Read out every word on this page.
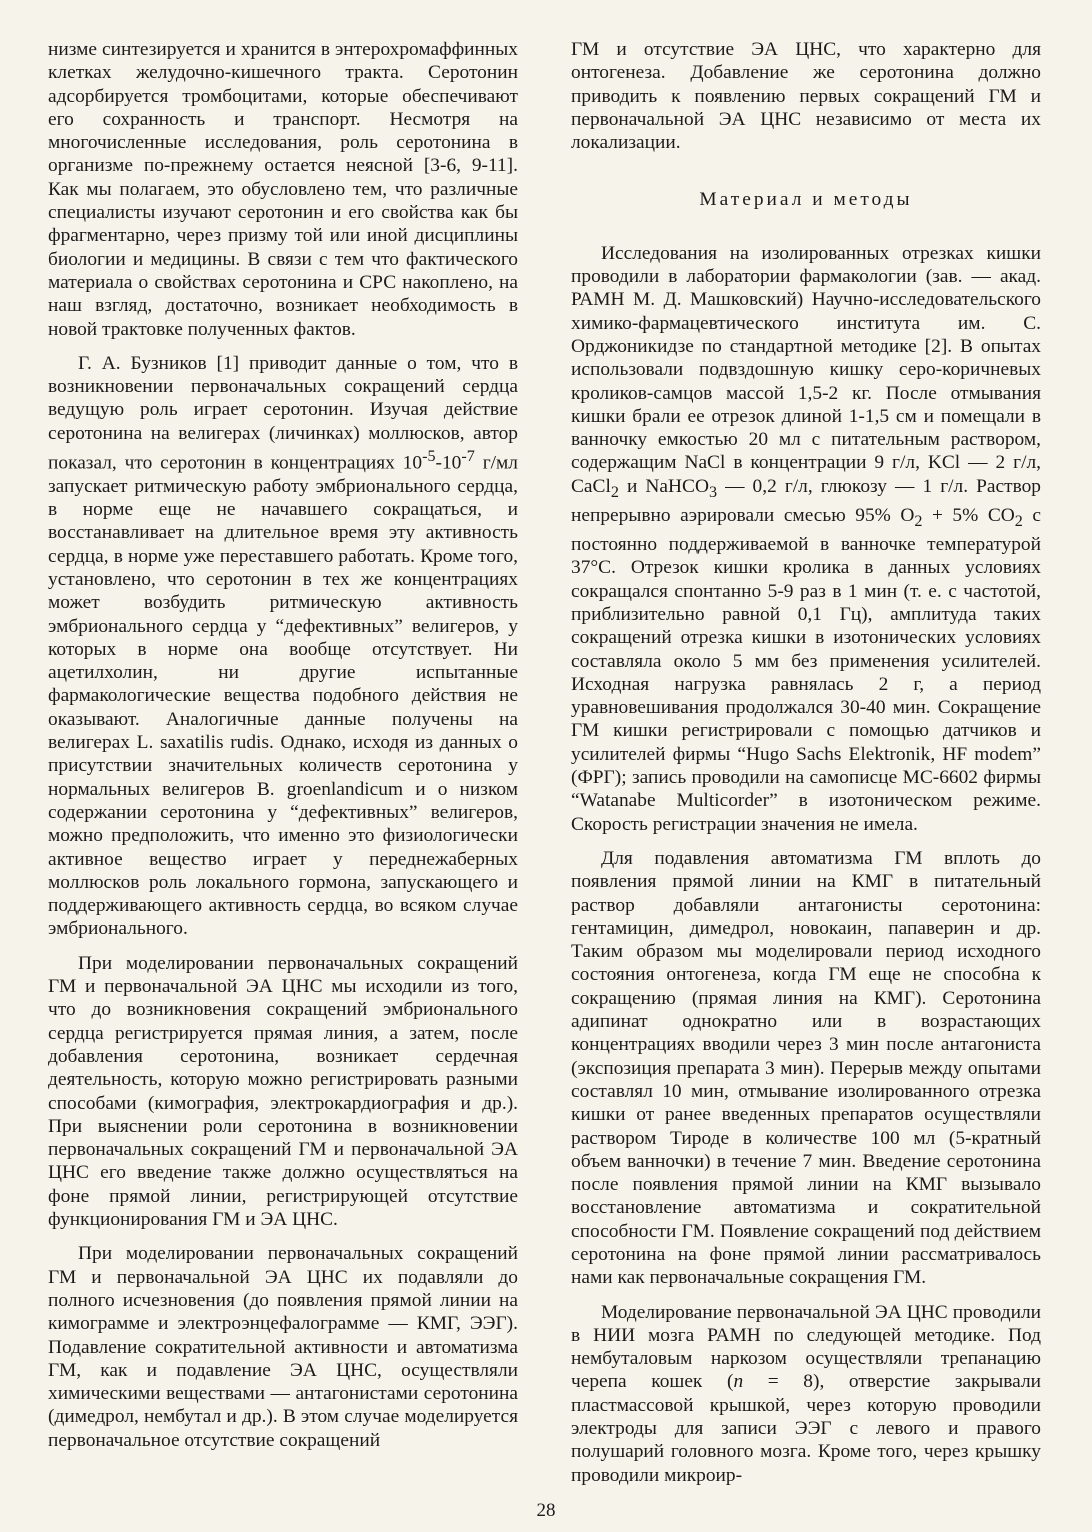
низме синтезируется и хранится в энтерохромаффинных клетках желудочно-кишечного тракта. Серотонин адсорбируется тромбоцитами, которые обеспечивают его сохранность и транспорт. Несмотря на многочисленные исследования, роль серотонина в организме по-прежнему остается неясной [3-6, 9-11]. Как мы полагаем, это обусловлено тем, что различные специалисты изучают серотонин и его свойства как бы фрагментарно, через призму той или иной дисциплины биологии и медицины. В связи с тем что фактического материала о свойствах серотонина и СРС накоплено, на наш взгляд, достаточно, возникает необходимость в новой трактовке полученных фактов.

Г. А. Бузников [1] приводит данные о том, что в возникновении первоначальных сокращений сердца ведущую роль играет серотонин. Изучая действие серотонина на велигерах (личинках) моллюсков, автор показал, что серотонин в концентрациях $10^{-5}-10^{-7}$ г/мл запускает ритмическую работу эмбрионального сердца, в норме еще не начавшего сокращаться, и восстанавливает на длительное время эту активность сердца, в норме уже переставшего работать. Кроме того, установлено, что серотонин в тех же концентрациях может возбудить ритмическую активность эмбрионального сердца у “дефективных” велигеров, у которых в норме она вообще отсутствует. Ни ацетилхолин, ни другие испытанные фармакологические вещества подобного действия не оказывают. Аналогичные данные получены на велигерах L. saxatilis rudis. Однако, исходя из данных о присутствии значительных количеств серотонина у нормальных велигеров B. groenlandicum и о низком содержании серотонина у “дефективных” велигеров, можно предположить, что именно это физиологически активное вещество играет у переднежаберных моллюсков роль локального гормона, запускающего и поддерживающего активность сердца, во всяком случае эмбрионального.

При моделировании первоначальных сокращений ГМ и первоначальной ЭА ЦНС мы исходили из того, что до возникновения сокращений эмбрионального сердца регистрируется прямая линия, а затем, после добавления серотонина, возникает сердечная деятельность, которую можно регистрировать разными способами (кимография, электрокардиография и др.). При выяснении роли серотонина в возникновении первоначальных сокращений ГМ и первоначальной ЭА ЦНС его введение также должно осуществляться на фоне прямой линии, регистрирующей отсутствие функционирования ГМ и ЭА ЦНС.

При моделировании первоначальных сокращений ГМ и первоначальной ЭА ЦНС их подавляли до полного исчезновения (до появления прямой линии на кимограмме и электроэнцефалограмме — КМГ, ЭЭГ). Подавление сократительной активности и автоматизма ГМ, как и подавление ЭА ЦНС, осуществляли химическими веществами — антагонистами серотонина (димедрол, нембутал и др.). В этом случае моделируется первоначальное отсутствие сокращений

ГМ и отсутствие ЭА ЦНС, что характерно для онтогенеза. Добавление же серотонина должно приводить к появлению первых сокращений ГМ и первоначальной ЭА ЦНС независимо от места их локализации.

Материал и методы

Исследования на изолированных отрезках кишки проводили в лаборатории фармакологии (зав. — акад. РАМН М. Д. Машковский) Научно-исследовательского химико-фармацевтического института им. С. Орджоникидзе по стандартной методике [2]. В опытах использовали подвздошную кишку серо-коричневых кроликов-самцов массой 1,5-2 кг. После отмывания кишки брали ее отрезок длиной 1-1,5 см и помещали в ванночку емкостью 20 мл с питательным раствором, содержащим NaCl в концентрации 9 г/л, KCl — 2 г/л, CaCl$_2$ и NaHCO$_3$ — 0,2 г/л, глюкозу — 1 г/л. Раствор непрерывно аэрировали смесью 95% $O_2 + 5\%$ $CO_2$ с постоянно поддерживаемой в ванночке температурой 37°С. Отрезок кишки кролика в данных условиях сокращался спонтанно 5-9 раз в 1 мин (т. е. с частотой, приблизительно равной 0,1 Гц), амплитуда таких сокращений отрезка кишки в изотонических условиях составляла около 5 мм без применения усилителей. Исходная нагрузка равнялась 2 г, а период уравновешивания продолжался 30-40 мин. Сокращение ГМ кишки регистрировали с помощью датчиков и усилителей фирмы “Hugo Sachs Elektronik, HF modem” (ФРГ); запись проводили на самописце МС-6602 фирмы “Watanabe Multicorder” в изотоническом режиме. Скорость регистрации значения не имела.

Для подавления автоматизма ГМ вплоть до появления прямой линии на КМГ в питательный раствор добавляли антагонисты серотонина: гентамицин, димедрол, новокаин, папаверин и др. Таким образом мы моделировали период исходного состояния онтогенеза, когда ГМ еще не способна к сокращению (прямая линия на КМГ). Серотонина адипинат однократно или в возрастающих концентрациях вводили через 3 мин после антагониста (экспозиция препарата 3 мин). Перерыв между опытами составлял 10 мин, отмывание изолированного отрезка кишки от ранее введенных препаратов осуществляли раствором Тироде в количестве 100 мл (5-кратный объем ванночки) в течение 7 мин. Введение серотонина после появления прямой линии на КМГ вызывало восстановление автоматизма и сократительной способности ГМ. Появление сокращений под действием серотонина на фоне прямой линии рассматривалось нами как первоначальные сокращения ГМ.

Моделирование первоначальной ЭА ЦНС проводили в НИИ мозга РАМН по следующей методике. Под нембуталовым наркозом осуществляли трепанацию черепа кошек (n = 8), отверстие закрывали пластмассовой крышкой, через которую проводили электроды для записи ЭЭГ с левого и правого полушарий головного мозга. Кроме того, через крышку проводили микроир-

28
